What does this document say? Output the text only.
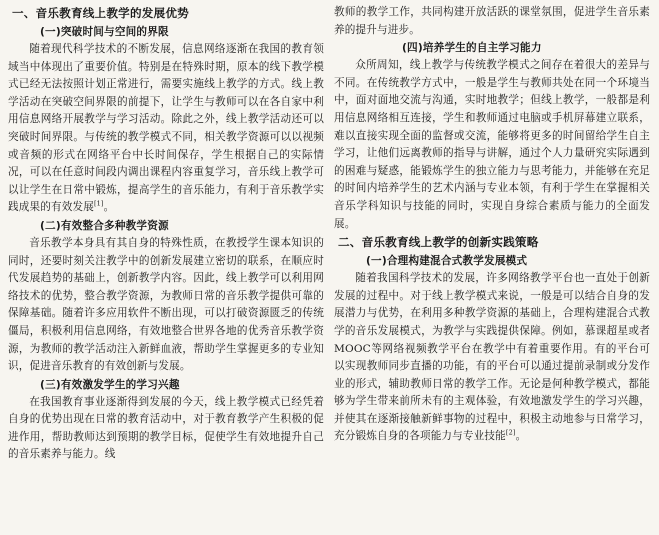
一、音乐教育线上教学的发展优势
(一)突破时间与空间的界限

随着现代科学技术的不断发展，信息网络逐渐在我国的教育领域当中体现出了重要价值。特别是在特殊时期，原本的线下教学模式已经无法按照计划正常进行，需要实施线上教学的方式。线上教学活动在突破空间界限的前提下，让学生与教师可以在各自家中利用信息网络开展教学与学习活动。除此之外，线上教学活动还可以突破时间界限。与传统的教学模式不同，相关教学资源可以以视频或音频的形式在网络平台中长时间保存，学生根据自己的实际情况，可以在任意时间段内调出课程内容重复学习，音乐线上教学可以让学生在日常中锻炼，提高学生的音乐能力，有利于音乐教学实践成果的有效发展[1]。

(二)有效整合多种教学资源

音乐教学本身具有其自身的特殊性质，在教授学生课本知识的同时，还要时刻关注教学中的创新发展建立密切的联系，在顺应时代发展趋势的基础上，创新教学内容。因此，线上教学可以利用网络技术的优势，整合教学资源，为教师日常的音乐教学提供可靠的保障基础。随着许多应用软件不断出现，可以打破资源匮乏的传统僵局，积极利用信息网络，有效地整合世界各地的优秀音乐教学资源，为教师的教学活动注入新鲜血液，帮助学生掌握更多的专业知识，促进音乐教育的有效创新与发展。

(三)有效激发学生的学习兴趣

在我国教育事业逐渐得到发展的今天，线上教学模式已经凭着自身的优势出现在日常的教育活动中，对于教育教学产生积极的促进作用，帮助教师达到预期的教学目标，促使学生有效地提升自己的音乐素养与能力。线

教师的教学工作，共同构建开放活跃的课堂氛围，促进学生音乐素养的提升与进步。

(四)培养学生的自主学习能力

众所周知，线上教学与传统教学模式之间存在着很大的差异与不同。在传统教学方式中，一般是学生与教师共处在同一个环境当中，面对面地交流与沟通，实时地教学；但线上教学，一般都是利用信息网络相互连接，学生和教师通过电脑或手机屏幕建立联系，难以直接实现全面的监督或交流，能够将更多的时间留给学生自主学习，让他们远离教师的指导与讲解，通过个人力量研究实际遇到的困难与疑惑，能锻炼学生的独立能力与思考能力，并能够在充足的时间内培养学生的艺术内涵与专业本领，有利于学生在掌握相关音乐学科知识与技能的同时，实现自身综合素质与能力的全面发展。

二、音乐教育线上教学的创新实践策略
(一)合理构建混合式教学发展模式

随着我国科学技术的发展，许多网络教学平台也一直处于创新发展的过程中。对于线上教学模式来说，一般是可以结合自身的发展潜力与优势，在利用多种教学资源的基础上，合理构建混合式教学的音乐发展模式，为教学与实践提供保障。例如，慕课超星或者MOOC等网络视频教学平台在教学中有着重要作用。有的平台可以实现教师同步直播的功能，有的平台可以通过提前录制或分发作业的形式，辅助教师日常的教学工作。无论是何种教学模式，都能够为学生带来前所未有的主观体验，有效地激发学生的学习兴趣，并使其在逐渐接触新鲜事物的过程中，积极主动地参与日常学习，充分锻炼自身的各项能力与专业技能[2]。
